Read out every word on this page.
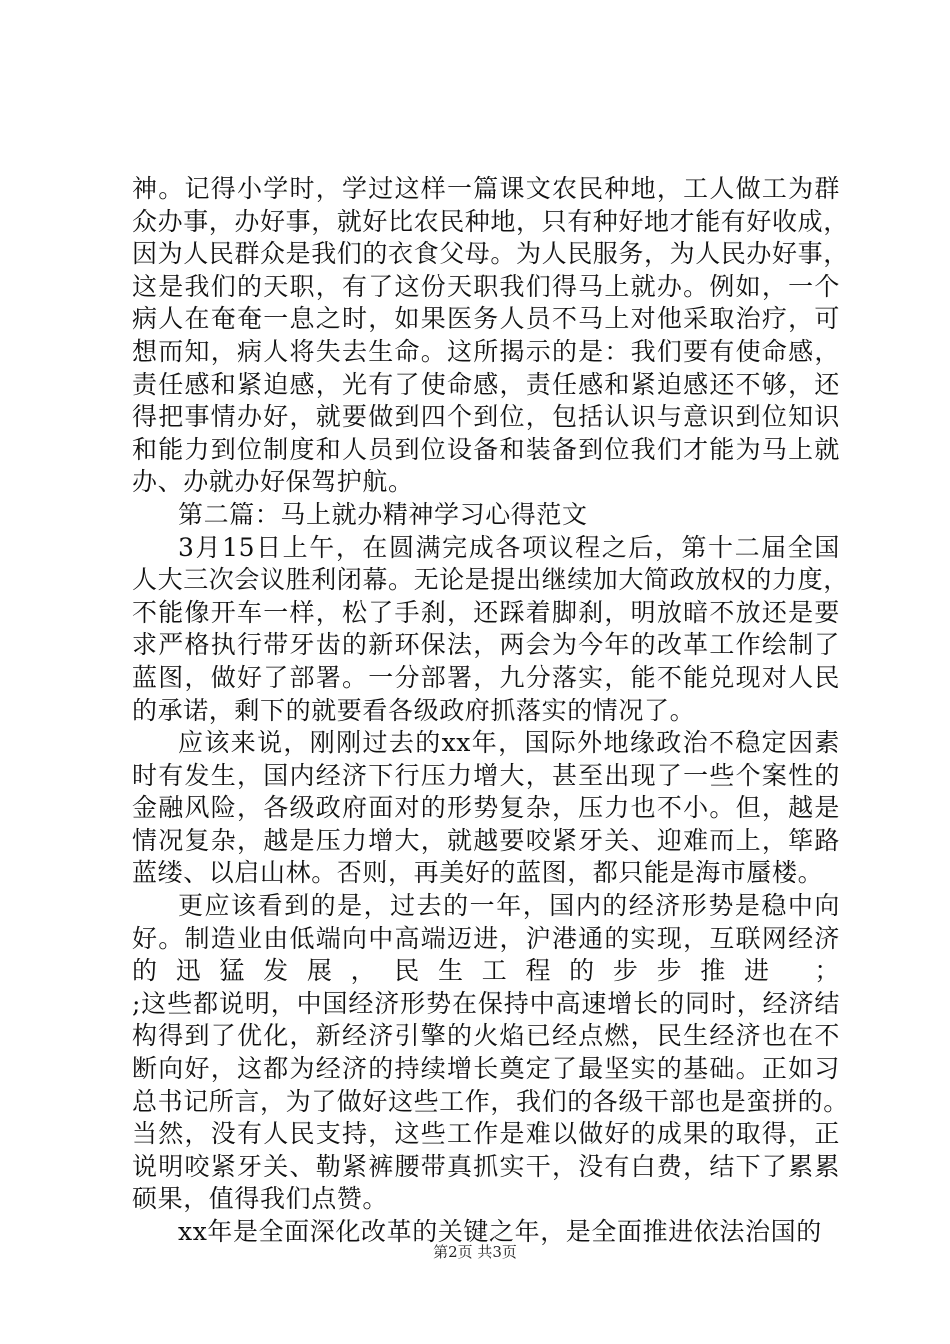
神。记得小学时，学过这样一篇课文农民种地，工人做工为群
众办事，办好事，就好比农民种地，只有种好地才能有好收成，
因为人民群众是我们的衣食父母。为人民服务，为人民办好事，
这是我们的天职，有了这份天职我们得马上就办。例如，一个
病人在奄奄一息之时，如果医务人员不马上对他采取治疗，可
想而知，病人将失去生命。这所揭示的是：我们要有使命感，
责任感和紧迫感，光有了使命感，责任感和紧迫感还不够，还
得把事情办好，就要做到四个到位，包括认识与意识到位知识
和能力到位制度和人员到位设备和装备到位我们才能为马上就
办、办就办好保驾护航。
第二篇：马上就办精神学习心得范文
3月15日上午，在圆满完成各项议程之后，第十二届全国
人大三次会议胜利闭幕。无论是提出继续加大简政放权的力度，
不能像开车一样，松了手刹，还踩着脚刹，明放暗不放还是要
求严格执行带牙齿的新环保法，两会为今年的改革工作绘制了
蓝图，做好了部署。一分部署，九分落实，能不能兑现对人民
的承诺，剩下的就要看各级政府抓落实的情况了。
应该来说，刚刚过去的xx年，国际外地缘政治不稳定因素
时有发生，国内经济下行压力增大，甚至出现了一些个案性的
金融风险，各级政府面对的形势复杂，压力也不小。但，越是
情况复杂，越是压力增大，就越要咬紧牙关、迎难而上，筚路
蓝缕、以启山林。否则，再美好的蓝图，都只能是海市蜃楼。
更应该看到的是，过去的一年，国内的经济形势是稳中向
好。制造业由低端向中高端迈进，沪港通的实现，互联网经济
的迅猛发展，民生工程的步步推进 ；
;这些都说明，中国经济形势在保持中高速增长的同时，经济结
构得到了优化，新经济引擎的火焰已经点燃，民生经济也在不
断向好，这都为经济的持续增长奠定了最坚实的基础。正如习
总书记所言，为了做好这些工作，我们的各级干部也是蛮拼的。
当然，没有人民支持，这些工作是难以做好的成果的取得，正
说明咬紧牙关、勒紧裤腰带真抓实干，没有白费，结下了累累
硕果，值得我们点赞。
xx年是全面深化改革的关键之年，是全面推进依法治国的
第2页 共3页
